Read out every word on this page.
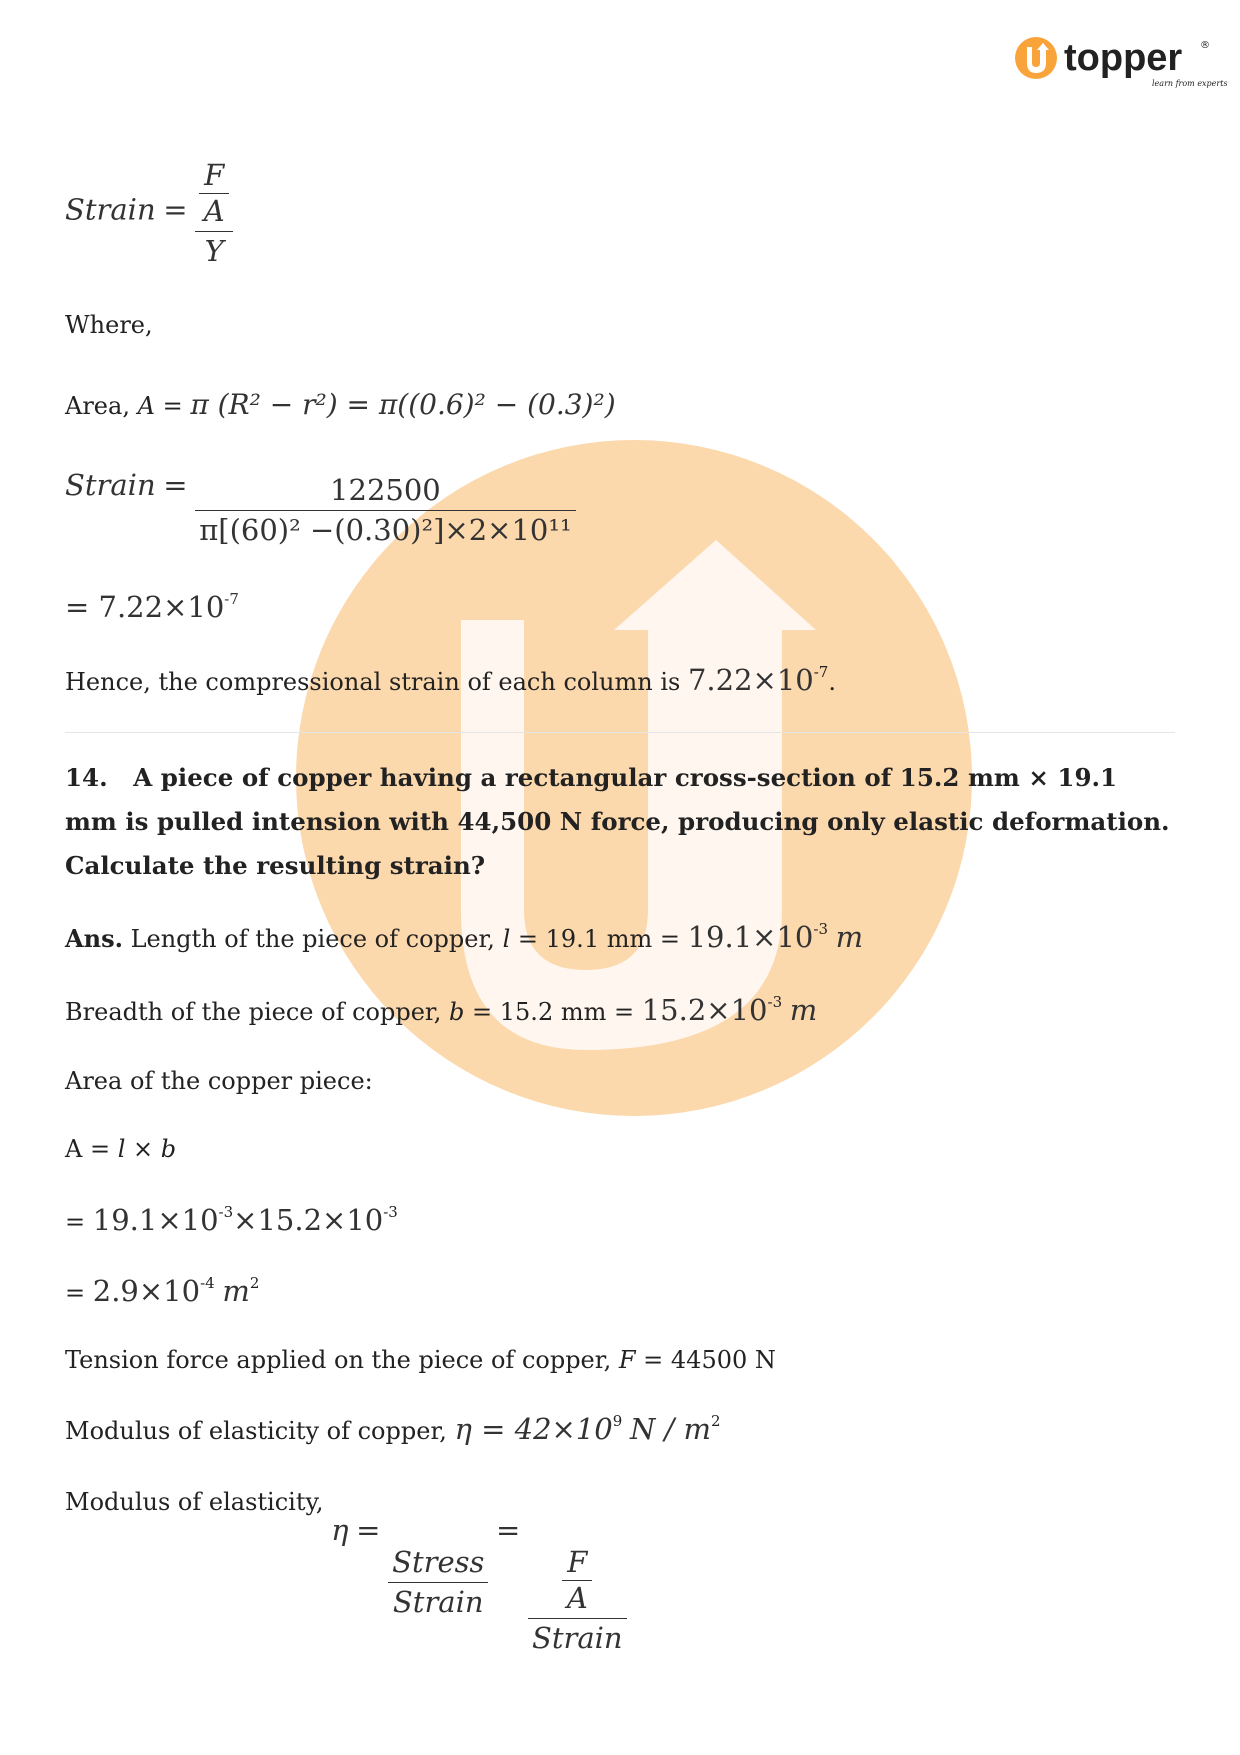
topper ®
learn from experts
Strain = F
A
Y
Where,
Area, A = π (R² − r²) = π((0.6)² − (0.3)²)
Strain = $\frac{122500}{\text{π[(60)² −(0.30)²]×2×10¹¹}}$
= $7.22\times 10^{-7}$
Hence, the compressional strain of each column is $7.22\times 10^{-7}$.
14. A piece of copper having a rectangular cross-section of 15.2 mm × 19.1 mm is pulled intension with 44,500 N force, producing only elastic deformation. Calculate the resulting strain?
Ans. Length of the piece of copper, l = 19.1 mm = $19.1\times 10^{-3}$ m
Breadth of the piece of copper, b = 15.2 mm = $15.2\times 10^{-3}$ m
Area of the copper piece:
A = l × b
= $19.1\times 10^{-3}\times 15.2\times 10^{-3}$
= $2.9\times 10^{-4}$ $m^2$
Tension force applied on the piece of copper, F = 44500 N
Modulus of elasticity of copper, $\eta = 42\times 10^9$ N / $m^2$
Modulus of elasticity, η =
$\frac{\text{Stress}}{\text{Strain}}$
=
F
A
Strain
